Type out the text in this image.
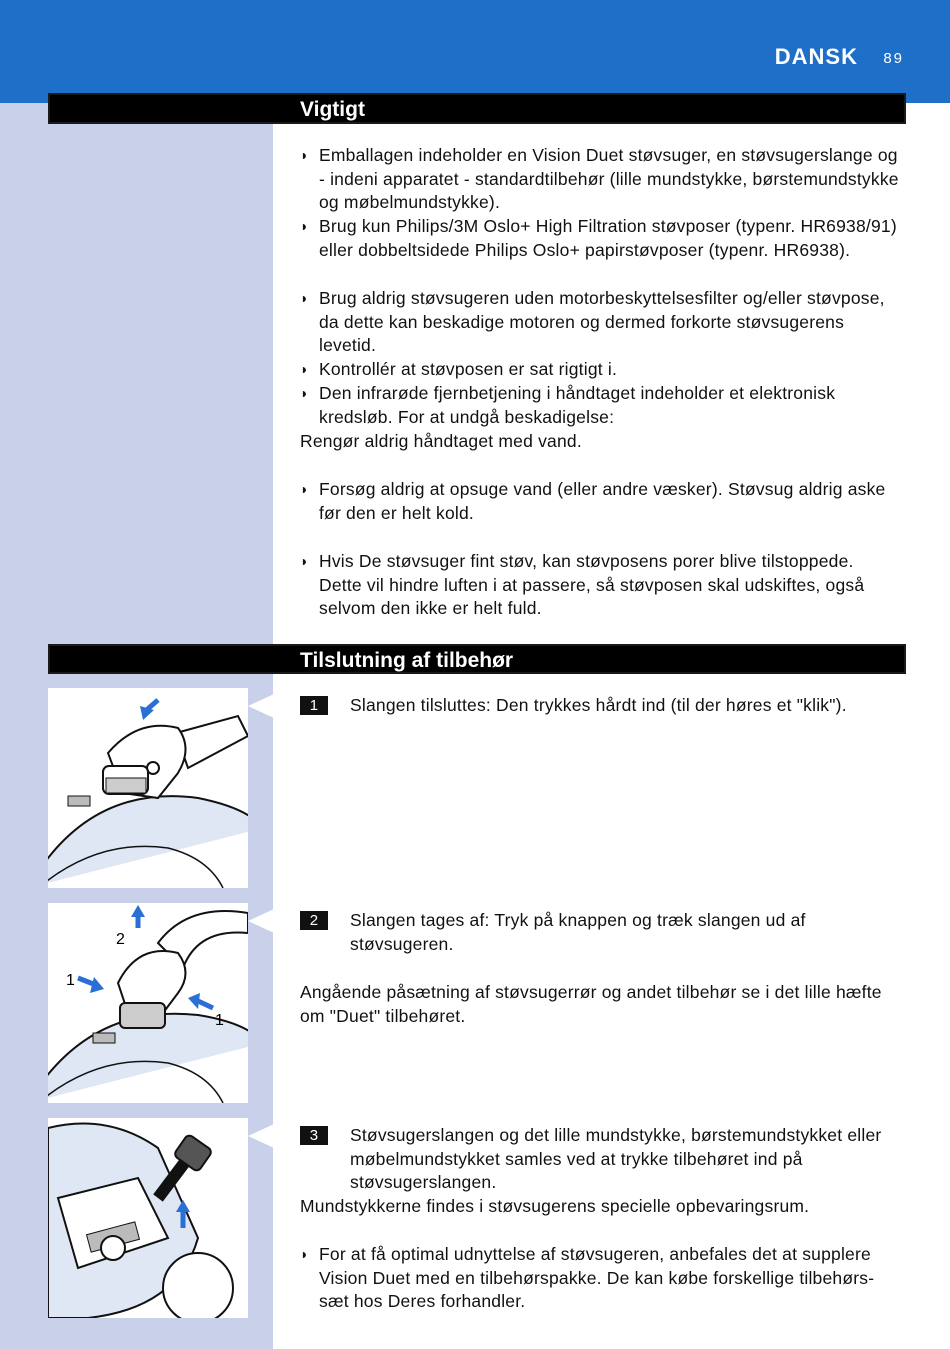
DANSK 89
Vigtigt
◗ Emballagen indeholder en Vision Duet støvsuger, en støvsugerslange og - indeni apparatet - standardtilbehør (lille mundstykke, børstemundstykke og møbelmundstykke).
◗ Brug kun Philips/3M Oslo+ High Filtration støvposer (typenr. HR6938/91) eller dobbeltsidede Philips Oslo+ papirstøvposer (typenr. HR6938).
◗ Brug aldrig støvsugeren uden motorbeskyttelsesfilter og/eller støvpose, da dette kan beskadige motoren og dermed forkorte støvsugerens levetid.
◗ Kontrollér at støvposen er sat rigtigt i.
◗ Den infrarøde fjernbetjening i håndtaget indeholder et elektronisk kredsløb. For at undgå beskadigelse:
Rengør aldrig håndtaget med vand.
◗ Forsøg aldrig at opsuge vand (eller andre væsker). Støvsug aldrig aske før den er helt kold.
◗ Hvis De støvsuger fint støv, kan støvposens porer blive tilstoppede. Dette vil hindre luften i at passere, så støvposen skal udskiftes, også selvom den ikke er helt fuld.
Tilslutning af tilbehør
1	Slangen tilsluttes: Den trykkes hårdt ind (til der høres et "klik").
2
1
1
2	Slangen tages af: Tryk på knappen og træk slangen ud af støvsugeren.
Angående påsætning af støvsugerrør og andet tilbehør se i det lille hæfte om "Duet" tilbehøret.
3	Støvsugerslangen og det lille mundstykke, børstemundstykket eller møbelmundstykket samles ved at trykke tilbehøret ind på støvsugerslangen.
Mundstykkerne findes i støvsugerens specielle opbevaringsrum.
◗ For at få optimal udnyttelse af støvsugeren, anbefales det at supplere Vision Duet med en tilbehørspakke. De kan købe forskellige tilbehørs-sæt hos Deres forhandler.
